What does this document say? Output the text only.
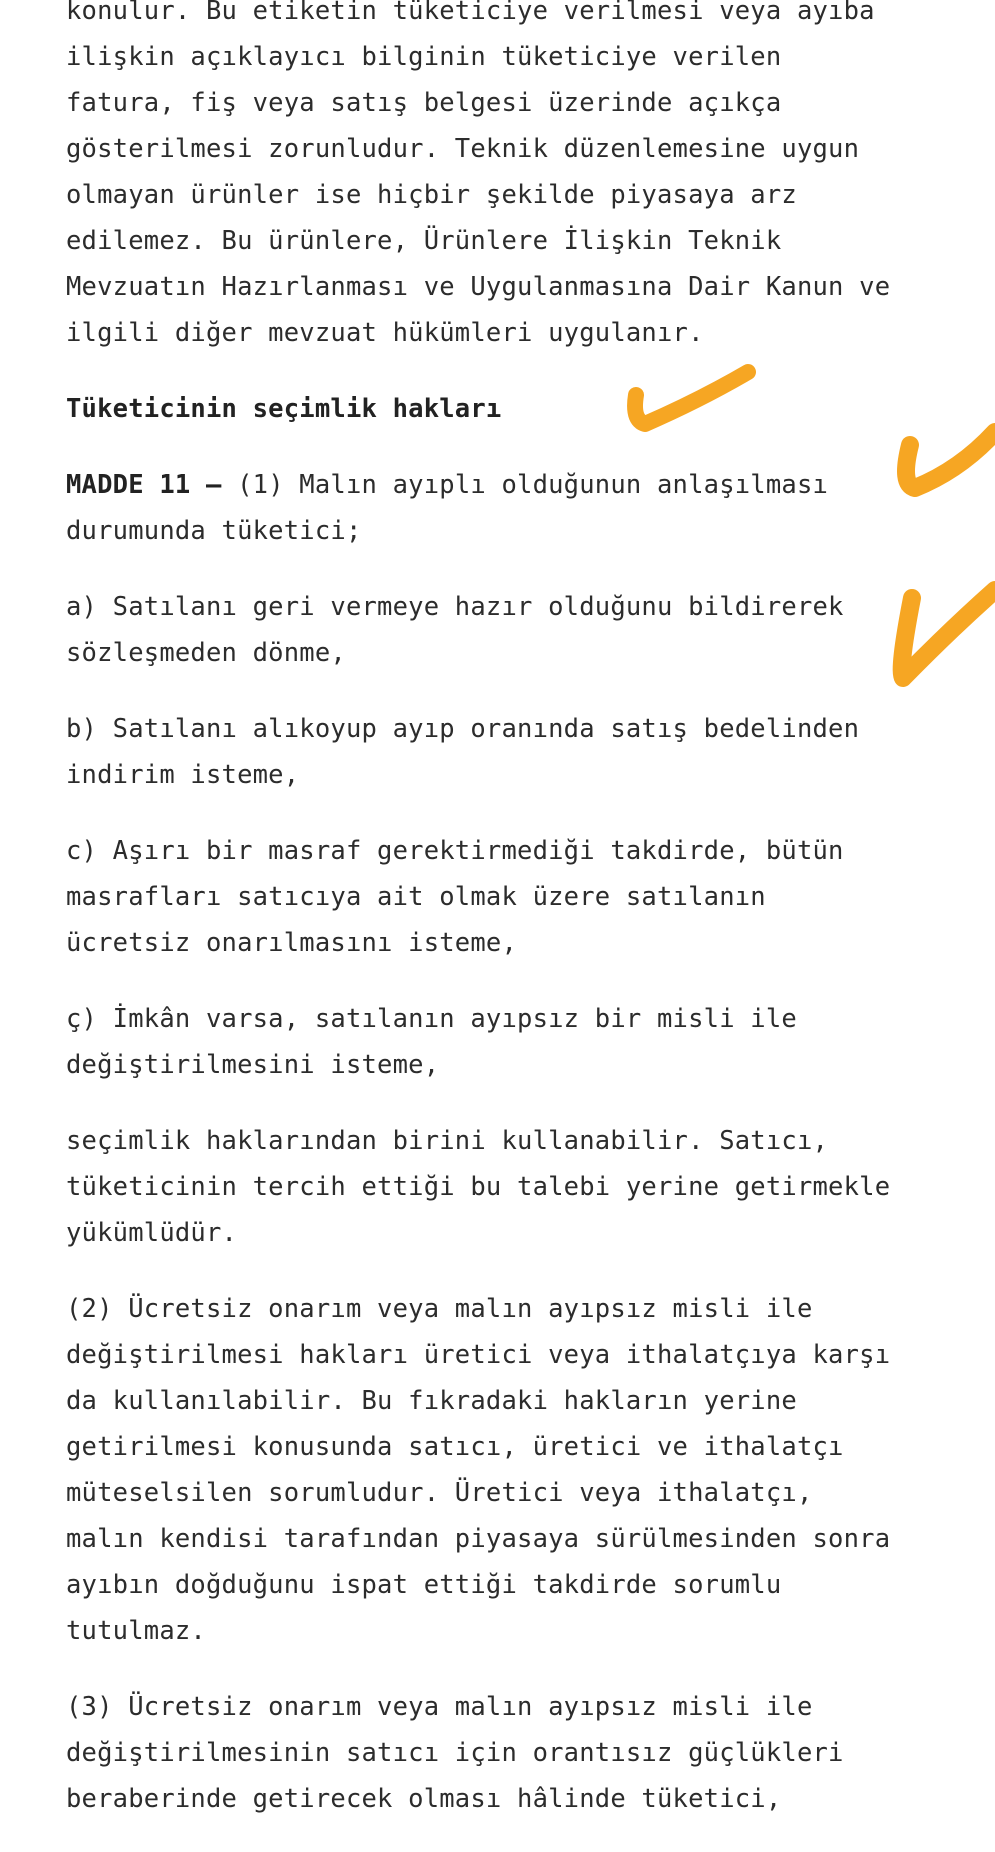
konulur. Bu etiketin tüketiciye verilmesi veya ayıba
ilişkin açıklayıcı bilginin tüketiciye verilen
fatura, fiş veya satış belgesi üzerinde açıkça
gösterilmesi zorunludur. Teknik düzenlemesine uygun
olmayan ürünler ise hiçbir şekilde piyasaya arz
edilemez. Bu ürünlere, Ürünlere İlişkin Teknik
Mevzuatın Hazırlanması ve Uygulanmasına Dair Kanun ve
ilgili diğer mevzuat hükümleri uygulanır.
Tüketicinin seçimlik hakları
MADDE 11 – (1) Malın ayıplı olduğunun anlaşılması
durumunda tüketici;
a) Satılanı geri vermeye hazır olduğunu bildirerek
sözleşmeden dönme,
b) Satılanı alıkoyup ayıp oranında satış bedelinden
indirim isteme,
c) Aşırı bir masraf gerektirmediği takdirde, bütün
masrafları satıcıya ait olmak üzere satılanın
ücretsiz onarılmasını isteme,
ç) İmkân varsa, satılanın ayıpsız bir misli ile
değiştirilmesini isteme,
seçimlik haklarından birini kullanabilir. Satıcı,
tüketicinin tercih ettiği bu talebi yerine getirmekle
yükümlüdür.
(2) Ücretsiz onarım veya malın ayıpsız misli ile
değiştirilmesi hakları üretici veya ithalatçıya karşı
da kullanılabilir. Bu fıkradaki hakların yerine
getirilmesi konusunda satıcı, üretici ve ithalatçı
müteselsilen sorumludur. Üretici veya ithalatçı,
malın kendisi tarafından piyasaya sürülmesinden sonra
ayıbın doğduğunu ispat ettiği takdirde sorumlu
tutulmaz.
(3) Ücretsiz onarım veya malın ayıpsız misli ile
değiştirilmesinin satıcı için orantısız güçlükleri
beraberinde getirecek olması hâlinde tüketici,
